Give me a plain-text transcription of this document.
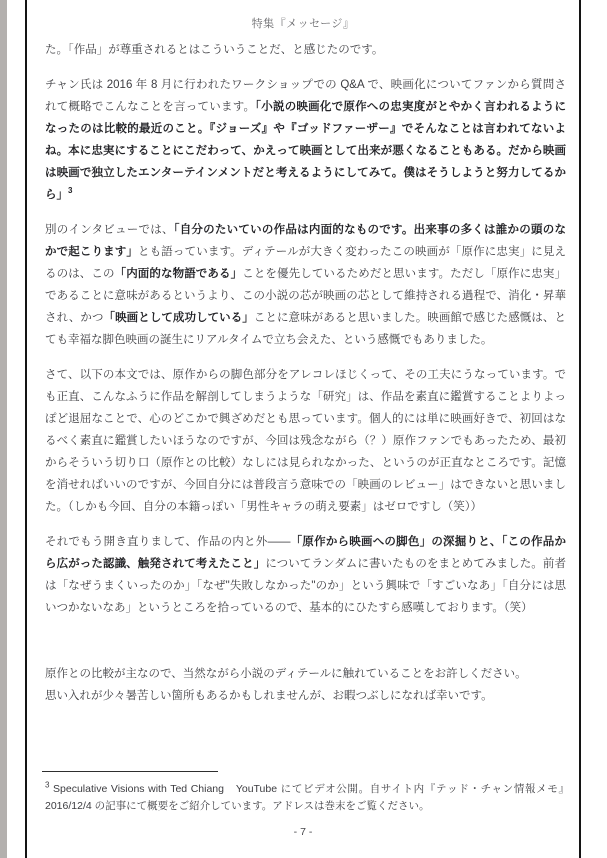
特集『メッセージ』
た。「作品」が尊重されるとはこういうことだ、と感じたのです。
チャン氏は 2016 年 8 月に行われたワークショップでの Q&A で、映画化についてファンから質問されて概略でこんなことを言っています。「小説の映画化で原作への忠実度がとやかく言われるようになったのは比較的最近のこと。『ジョーズ』や『ゴッドファーザー』でそんなことは言われてないよね。本に忠実にすることにこだわって、かえって映画として出来が悪くなることもある。だから映画は映画で独立したエンターテインメントだと考えるようにしてみて。僕はそうしようと努力してるから」$^3$
別のインタビューでは、「自分のたいていの作品は内面的なものです。出来事の多くは誰かの頭のなかで起こります」とも語っています。ディテールが大きく変わったこの映画が「原作に忠実」に見えるのは、この「内面的な物語である」ことを優先しているためだと思います。ただし「原作に忠実」であることに意味があるというより、この小説の芯が映画の芯として維持される過程で、消化・昇華され、かつ「映画として成功している」ことに意味があると思いました。映画館で感じた感慨は、とても幸福な脚色映画の誕生にリアルタイムで立ち会えた、という感慨でもありました。
さて、以下の本文では、原作からの脚色部分をアレコレほじくって、その工夫にうなっています。でも正直、こんなふうに作品を解剖してしまうような「研究」は、作品を素直に鑑賞することよりよっぽど退屈なことで、心のどこかで興ざめだとも思っています。個人的には単に映画好きで、初回はなるべく素直に鑑賞したいほうなのですが、今回は残念ながら（？）原作ファンでもあったため、最初からそういう切り口（原作との比較）なしには見られなかった、というのが正直なところです。記憶を消せればいいのですが、今回自分には普段言う意味での「映画のレビュー」はできないと思いました。（しかも今回、自分の本籍っぽい「男性キャラの萌え要素」はゼロですし（笑））
それでもう開き直りまして、作品の内と外——「原作から映画への脚色」の深掘りと、「この作品から広がった認識、触発されて考えたこと」についてランダムに書いたものをまとめてみました。前者は「なぜうまくいったのか」「なぜ"失敗しなかった"のか」という興味で「すごいなあ」「自分には思いつかないなあ」というところを拾っているので、基本的にひたすら感嘆しております。（笑）
原作との比較が主なので、当然ながら小説のディテールに触れていることをお許しください。
思い入れが少々暑苦しい箇所もあるかもしれませんが、お暇つぶしになれば幸いです。
$^3$ Speculative Visions with Ted Chiang　YouTube にてビデオ公開。自サイト内『テッド・チャン情報メモ』2016/12/4 の記事にて概要をご紹介しています。アドレスは巻末をご覧ください。
- 7 -
